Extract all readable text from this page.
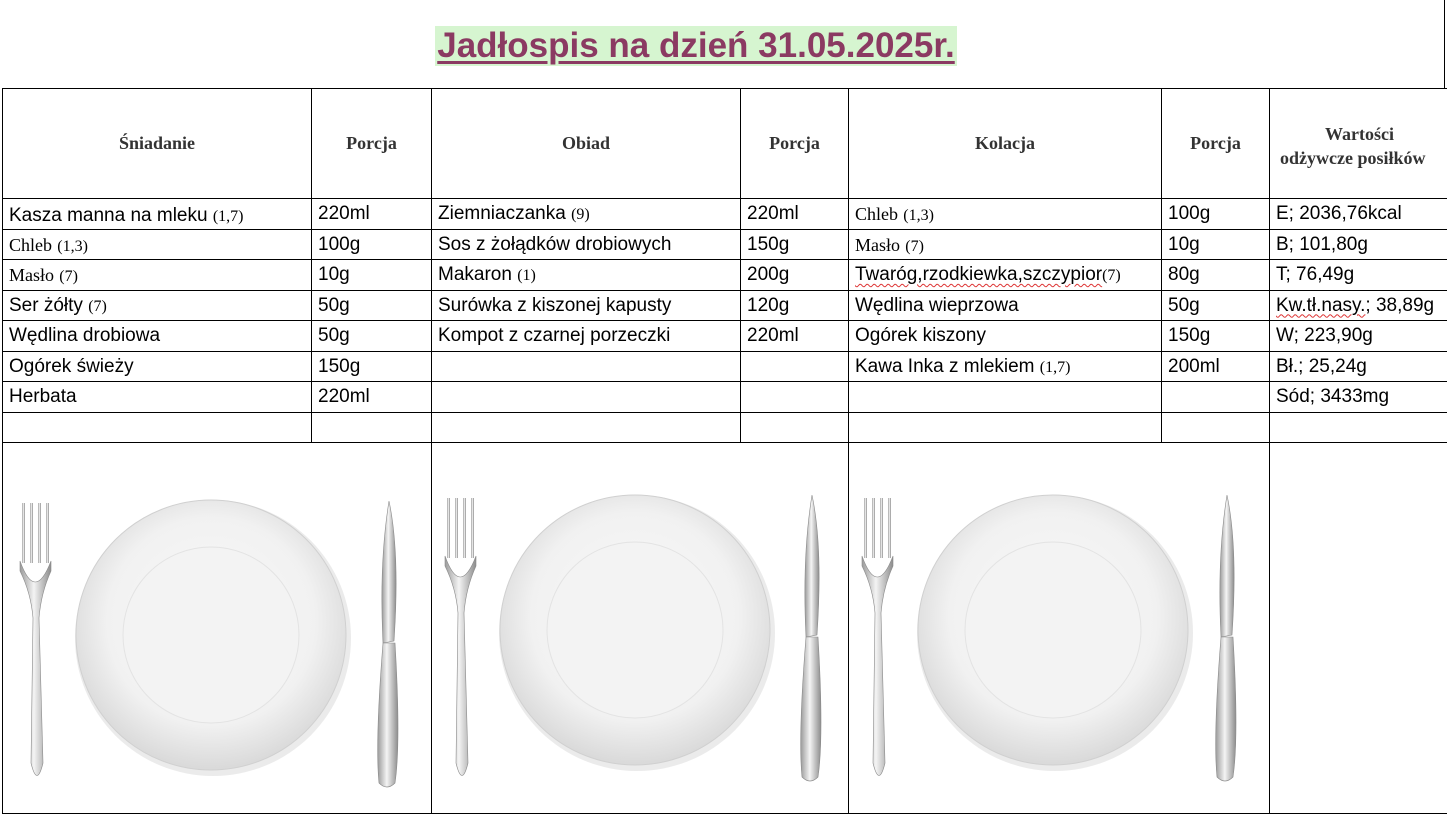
Jadłospis na dzień 31.05.2025r.
Śniadanie	Porcja	Obiad	Porcja	Kolacja	Porcja	Wartości
odżywcze posiłków

Kasza manna na mleku (1,7)	220ml	Ziemniaczanka (9)	220ml	Chleb (1,3)	100g	E; 2036,76kcal
Chleb (1,3)	100g	Sos z żołądków drobiowych	150g	Masło (7)	10g	B; 101,80g
Masło (7)	10g	Makaron (1)	200g	Twaróg,rzodkiewka,szczypior(7)	80g	T; 76,49g
Ser żółty (7)	50g	Surówka z kiszonej kapusty	120g	Wędlina wieprzowa	50g	Kw.tł.nasy.; 38,89g
Wędlina drobiowa	50g	Kompot z czarnej porzeczki	220ml	Ogórek kiszony	150g	W; 223,90g
Ogórek świeży	150g			Kawa Inka z mlekiem (1,7)	200ml	Bł.; 25,24g
Herbata	220ml					Sód; 3433mg
